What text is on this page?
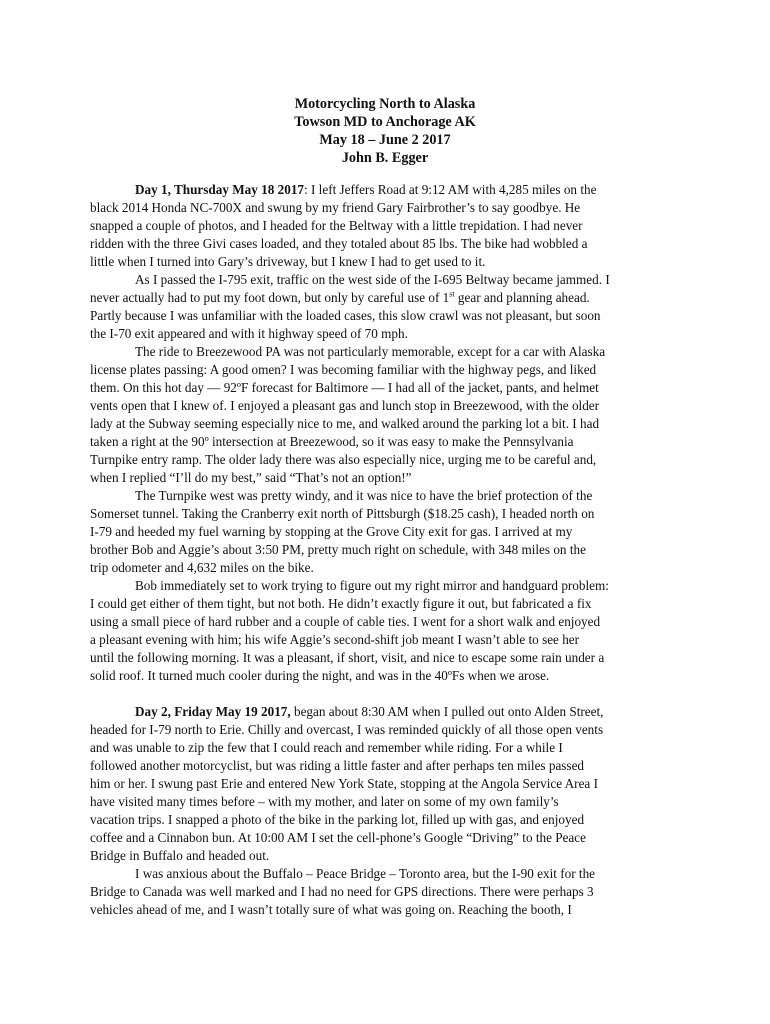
Motorcycling North to Alaska
Towson MD to Anchorage AK
May 18 – June 2 2017
John B. Egger
Day 1, Thursday May 18 2017: I left Jeffers Road at 9:12 AM with 4,285 miles on the
black 2014 Honda NC-700X and swung by my friend Gary Fairbrother’s to say goodbye. He
snapped a couple of photos, and I headed for the Beltway with a little trepidation. I had never
ridden with the three Givi cases loaded, and they totaled about 85 lbs. The bike had wobbled a
little when I turned into Gary’s driveway, but I knew I had to get used to it.
As I passed the I-795 exit, traffic on the west side of the I-695 Beltway became jammed. I
never actually had to put my foot down, but only by careful use of 1st gear and planning ahead.
Partly because I was unfamiliar with the loaded cases, this slow crawl was not pleasant, but soon
the I-70 exit appeared and with it highway speed of 70 mph.
The ride to Breezewood PA was not particularly memorable, except for a car with Alaska
license plates passing: A good omen? I was becoming familiar with the highway pegs, and liked
them. On this hot day — 92ºF forecast for Baltimore — I had all of the jacket, pants, and helmet
vents open that I knew of. I enjoyed a pleasant gas and lunch stop in Breezewood, with the older
lady at the Subway seeming especially nice to me, and walked around the parking lot a bit. I had
taken a right at the 90º intersection at Breezewood, so it was easy to make the Pennsylvania
Turnpike entry ramp. The older lady there was also especially nice, urging me to be careful and,
when I replied “I’ll do my best,” said “That’s not an option!”
The Turnpike west was pretty windy, and it was nice to have the brief protection of the
Somerset tunnel. Taking the Cranberry exit north of Pittsburgh ($18.25 cash), I headed north on
I-79 and heeded my fuel warning by stopping at the Grove City exit for gas. I arrived at my
brother Bob and Aggie’s about 3:50 PM, pretty much right on schedule, with 348 miles on the
trip odometer and 4,632 miles on the bike.
Bob immediately set to work trying to figure out my right mirror and handguard problem:
I could get either of them tight, but not both. He didn’t exactly figure it out, but fabricated a fix
using a small piece of hard rubber and a couple of cable ties. I went for a short walk and enjoyed
a pleasant evening with him; his wife Aggie’s second-shift job meant I wasn’t able to see her
until the following morning. It was a pleasant, if short, visit, and nice to escape some rain under a
solid roof. It turned much cooler during the night, and was in the 40ºFs when we arose.
Day 2, Friday May 19 2017, began about 8:30 AM when I pulled out onto Alden Street,
headed for I-79 north to Erie. Chilly and overcast, I was reminded quickly of all those open vents
and was unable to zip the few that I could reach and remember while riding. For a while I
followed another motorcyclist, but was riding a little faster and after perhaps ten miles passed
him or her. I swung past Erie and entered New York State, stopping at the Angola Service Area I
have visited many times before – with my mother, and later on some of my own family’s
vacation trips. I snapped a photo of the bike in the parking lot, filled up with gas, and enjoyed
coffee and a Cinnabon bun. At 10:00 AM I set the cell-phone’s Google “Driving” to the Peace
Bridge in Buffalo and headed out.
I was anxious about the Buffalo – Peace Bridge – Toronto area, but the I-90 exit for the
Bridge to Canada was well marked and I had no need for GPS directions. There were perhaps 3
vehicles ahead of me, and I wasn’t totally sure of what was going on. Reaching the booth, I
